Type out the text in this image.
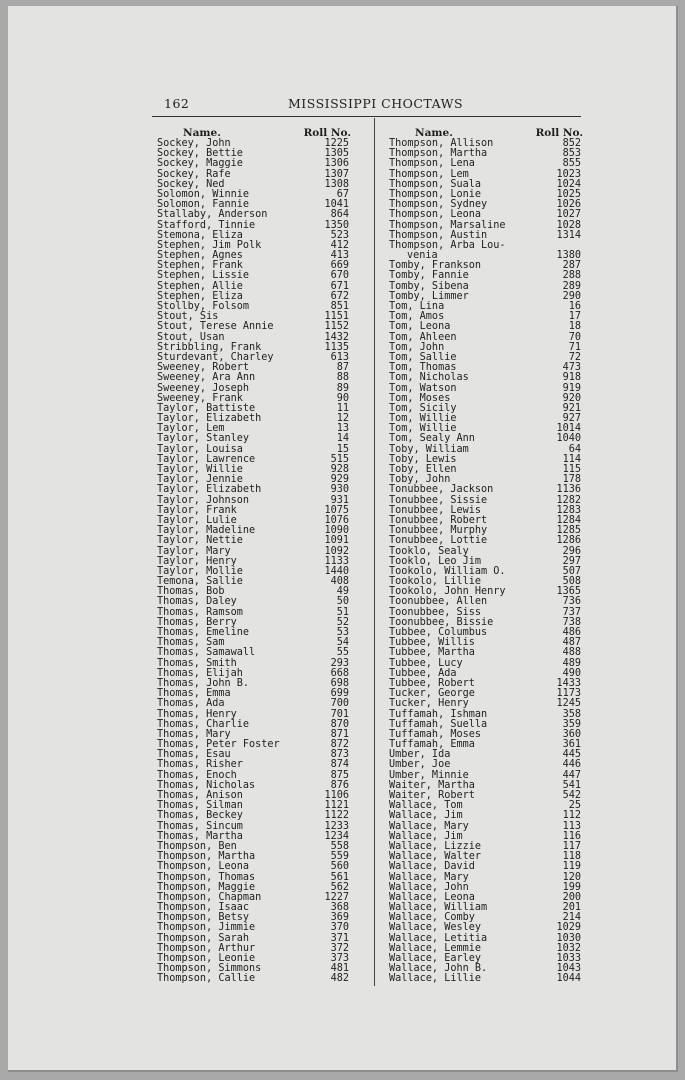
162	MISSISSIPPI CHOCTAWS
Name.	Roll No.
Sockey, John	1225
Sockey, Bettie	1305
Sockey, Maggie	1306
Sockey, Rafe	1307
Sockey, Ned	1308
Solomon, Winnie	67
Solomon, Fannie	1041
Stallaby, Anderson	864
Stafford, Tinnie	1350
Stemona, Eliza	523
Stephen, Jim Polk	412
Stephen, Agnes	413
Stephen, Frank	669
Stephen, Lissie	670
Stephen, Allie	671
Stephen, Eliza	672
Stollby, Folsom	851
Stout, Sis	1151
Stout, Terese Annie	1152
Stout, Usan	1432
Stribbling, Frank	1135
Sturdevant, Charley	613
Sweeney, Robert	87
Sweeney, Ara Ann	88
Sweeney, Joseph	89
Sweeney, Frank	90
Taylor, Battiste	11
Taylor, Elizabeth	12
Taylor, Lem	13
Taylor, Stanley	14
Taylor, Louisa	15
Taylor, Lawrence	515
Taylor, Willie	928
Taylor, Jennie	929
Taylor, Elizabeth	930
Taylor, Johnson	931
Taylor, Frank	1075
Taylor, Lulie	1076
Taylor, Madeline	1090
Taylor, Nettie	1091
Taylor, Mary	1092
Taylor, Henry	1133
Taylor, Mollie	1440
Temona, Sallie	408
Thomas, Bob	49
Thomas, Daley	50
Thomas, Ramsom	51
Thomas, Berry	52
Thomas, Emeline	53
Thomas, Sam	54
Thomas, Samawall	55
Thomas, Smith	293
Thomas, Elijah	668
Thomas, John B.	698
Thomas, Emma	699
Thomas, Ada	700
Thomas, Henry	701
Thomas, Charlie	870
Thomas, Mary	871
Thomas, Peter Foster	872
Thomas, Esau	873
Thomas, Risher	874
Thomas, Enoch	875
Thomas, Nicholas	876
Thomas, Anison	1106
Thomas, Silman	1121
Thomas, Beckey	1122
Thomas, Sincum	1233
Thomas, Martha	1234
Thompson, Ben	558
Thompson, Martha	559
Thompson, Leona	560
Thompson, Thomas	561
Thompson, Maggie	562
Thompson, Chapman	1227
Thompson, Isaac	368
Thompson, Betsy	369
Thompson, Jimmie	370
Thompson, Sarah	371
Thompson, Arthur	372
Thompson, Leonie	373
Thompson, Simmons	481
Thompson, Callie	482
Name.	Roll No.
Thompson, Allison	852
Thompson, Martha	853
Thompson, Lena	855
Thompson, Lem	1023
Thompson, Suala	1024
Thompson, Lonie	1025
Thompson, Sydney	1026
Thompson, Leona	1027
Thompson, Marsaline	1028
Thompson, Austin	1314
Thompson, Arba Lou-
venia	1380
Tomby, Frankson	287
Tomby, Fannie	288
Tomby, Sibena	289
Tomby, Limmer	290
Tom, Lina	16
Tom, Amos	17
Tom, Leona	18
Tom, Ahleen	70
Tom, John	71
Tom, Sallie	72
Tom, Thomas	473
Tom, Nicholas	918
Tom, Watson	919
Tom, Moses	920
Tom, Sicily	921
Tom, Willie	927
Tom, Willie	1014
Tom, Sealy Ann	1040
Toby, William	64
Toby, Lewis	114
Toby, Ellen	115
Toby, John	178
Tonubbee, Jackson	1136
Tonubbee, Sissie	1282
Tonubbee, Lewis	1283
Tonubbee, Robert	1284
Tonubbee, Murphy	1285
Tonubbee, Lottie	1286
Tooklo, Sealy	296
Tooklo, Leo Jim	297
Tookolo, William O.	507
Tookolo, Lillie	508
Tookolo, John Henry	1365
Toonubbee, Allen	736
Toonubbee, Siss	737
Toonubbee, Bissie	738
Tubbee, Columbus	486
Tubbee, Willis	487
Tubbee, Martha	488
Tubbee, Lucy	489
Tubbee, Ada	490
Tubbee, Robert	1433
Tucker, George	1173
Tucker, Henry	1245
Tuffamah, Ishman	358
Tuffamah, Suella	359
Tuffamah, Moses	360
Tuffamah, Emma	361
Umber, Ida	445
Umber, Joe	446
Umber, Minnie	447
Waiter, Martha	541
Waiter, Robert	542
Wallace, Tom	25
Wallace, Jim	112
Wallace, Mary	113
Wallace, Jim	116
Wallace, Lizzie	117
Wallace, Walter	118
Wallace, David	119
Wallace, Mary	120
Wallace, John	199
Wallace, Leona	200
Wallace, William	201
Wallace, Comby	214
Wallace, Wesley	1029
Wallace, Letitia	1030
Wallace, Lemmie	1032
Wallace, Earley	1033
Wallace, John B.	1043
Wallace, Lillie	1044
